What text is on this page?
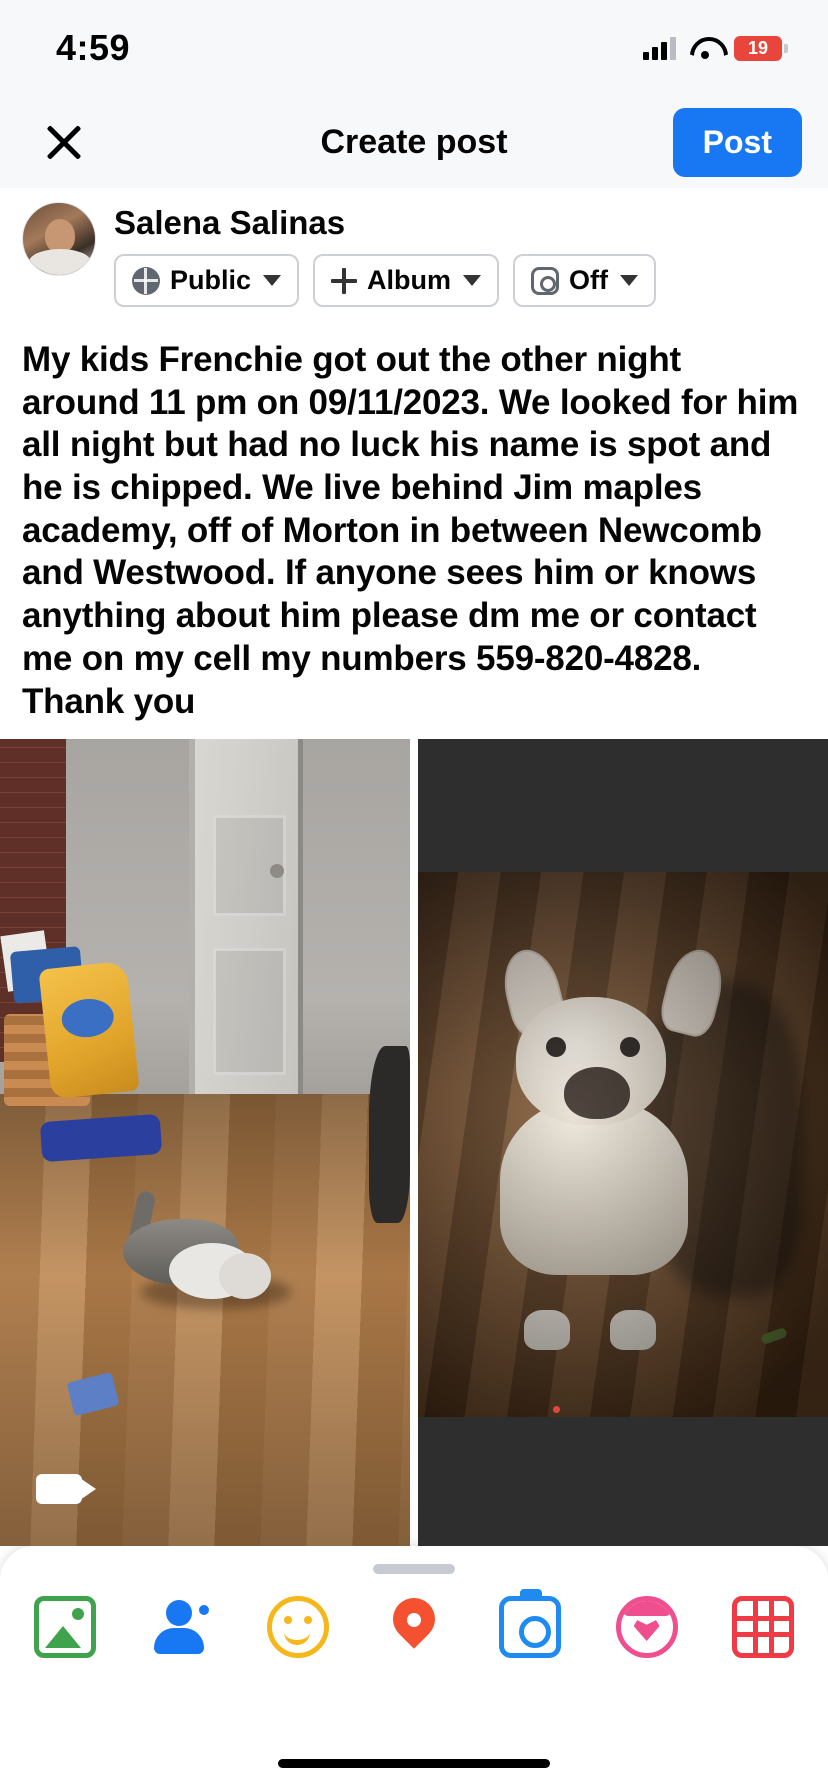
4:59	19
Create post	Post
Salena Salinas
Public	Album	Off
My kids Frenchie got out the other night around 11 pm on 09/11/2023. We looked for him all night but had no luck his name is spot and he is chipped. We live behind Jim maples academy, off of Morton in between Newcomb and Westwood. If anyone sees him or knows anything about him please dm me or contact me on my cell my numbers 559-820-4828. Thank you
